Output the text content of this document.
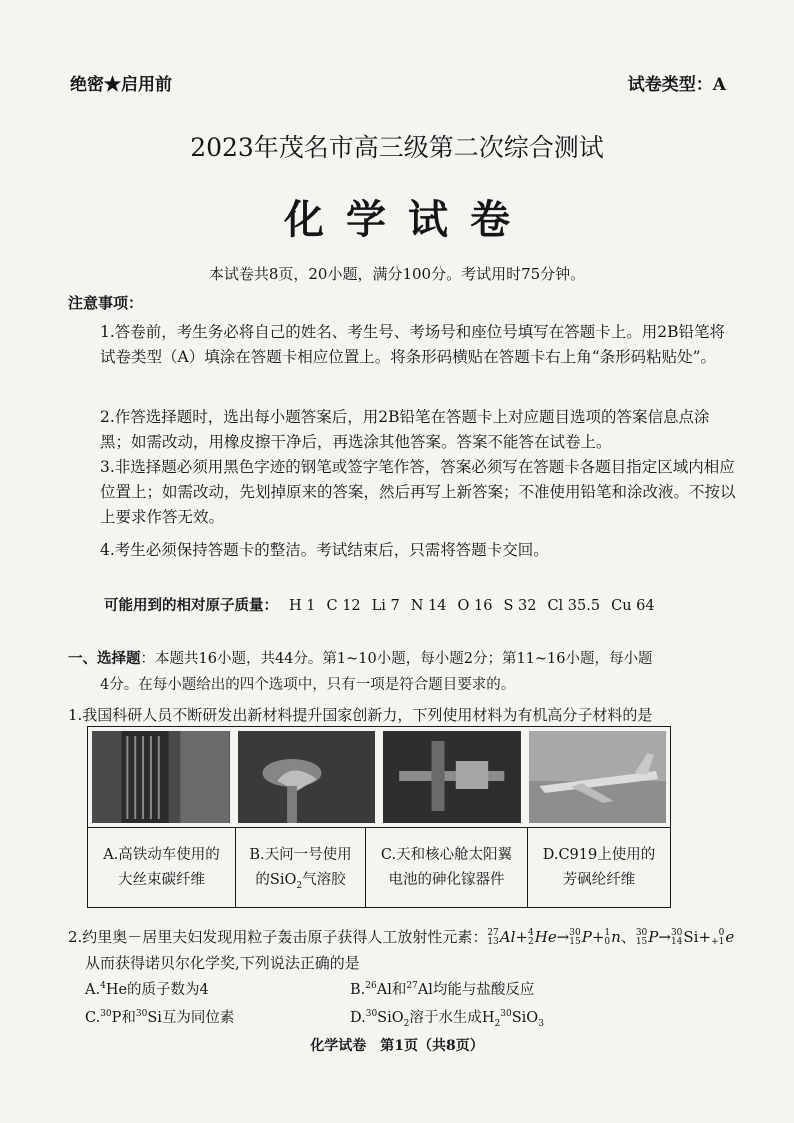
绝密★启用前	试卷类型：A
2023年茂名市高三级第二次综合测试
化学试卷
本试卷共8页，20小题，满分100分。考试用时75分钟。
注意事项：
1.答卷前，考生务必将自己的姓名、考生号、考场号和座位号填写在答题卡上。用2B铅笔将试卷类型（A）填涂在答题卡相应位置上。将条形码横贴在答题卡右上角“条形码粘贴处”。
2.作答选择题时，选出每小题答案后，用2B铅笔在答题卡上对应题目选项的答案信息点涂黑；如需改动，用橡皮擦干净后，再选涂其他答案。答案不能答在试卷上。
3.非选择题必须用黑色字迹的钢笔或签字笔作答，答案必须写在答题卡各题目指定区域内相应位置上；如需改动，先划掉原来的答案，然后再写上新答案；不准使用铅笔和涂改液。不按以上要求作答无效。
4.考生必须保持答题卡的整洁。考试结束后，只需将答题卡交回。
可能用到的相对原子质量： H 1 C 12 Li 7 N 14 O 16 S 32 Cl 35.5 Cu 64
一、选择题：本题共16小题，共44分。第1~10小题，每小题2分；第11~16小题，每小题
4分。在每小题给出的四个选项中，只有一项是符合题目要求的。
1.我国科研人员不断研发出新材料提升国家创新力，下列使用材料为有机高分子材料的是
A.高铁动车使用的
大丝束碳纤维
B.天问一号使用
的SiO$_2$气溶胶
C.天和核心舱太阳翼
电池的砷化镓器件
D.C919上使用的
芳砜纶纤维
2.约里奥－居里夫妇发现用粒子轰击原子获得人工放射性元素： 27
13 Al+ 4
2 He→ 30
15 P+ 1
0 n、 30
15 P→ 30
14 Si+ 0
+1 e
从而获得诺贝尔化学奖,下列说法正确的是
A.$^4$He的质子数为4	B.$^{26}$Al和$^{27}$Al均能与盐酸反应
C.$^{30}$P和$^{30}$Si互为同位素	D.$^{30}$SiO$_2$溶于水生成$H_2^{30}SiO_3$
化学试卷　第1页（共8页）
